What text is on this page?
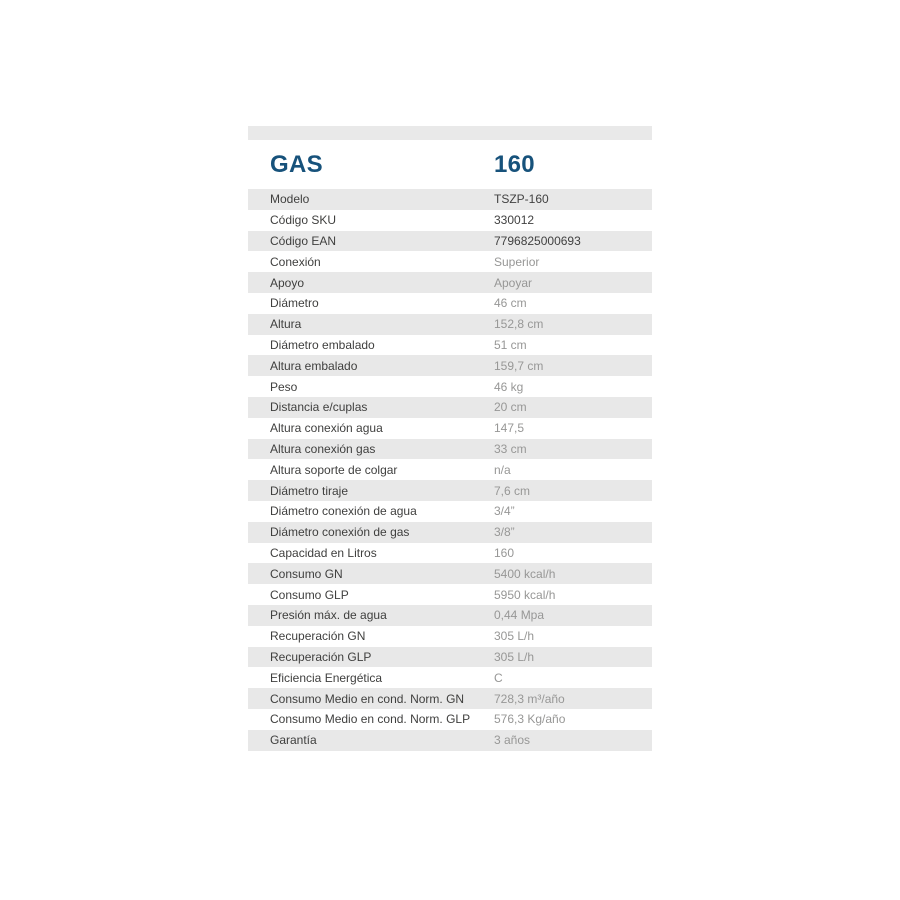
GAS	160
Modelo	TSZP-160
Código SKU	330012
Código EAN	7796825000693
Conexión	Superior
Apoyo	Apoyar
Diámetro	46 cm
Altura	152,8 cm
Diámetro embalado	51 cm
Altura embalado	159,7 cm
Peso	46 kg
Distancia e/cuplas	20 cm
Altura conexión agua	147,5
Altura conexión gas	33 cm
Altura soporte de colgar	n/a
Diámetro tiraje	7,6 cm
Diámetro conexión de agua	3/4”
Diámetro conexión de gas	3/8”
Capacidad en Litros	160
Consumo GN	5400 kcal/h
Consumo GLP	5950 kcal/h
Presión máx. de agua	0,44 Mpa
Recuperación GN	305 L/h
Recuperación GLP	305 L/h
Eficiencia Energética	C
Consumo Medio en cond. Norm. GN 728,3 m³/año
Consumo Medio en cond. Norm. GLP 576,3 Kg/año
Garantía	3 años
